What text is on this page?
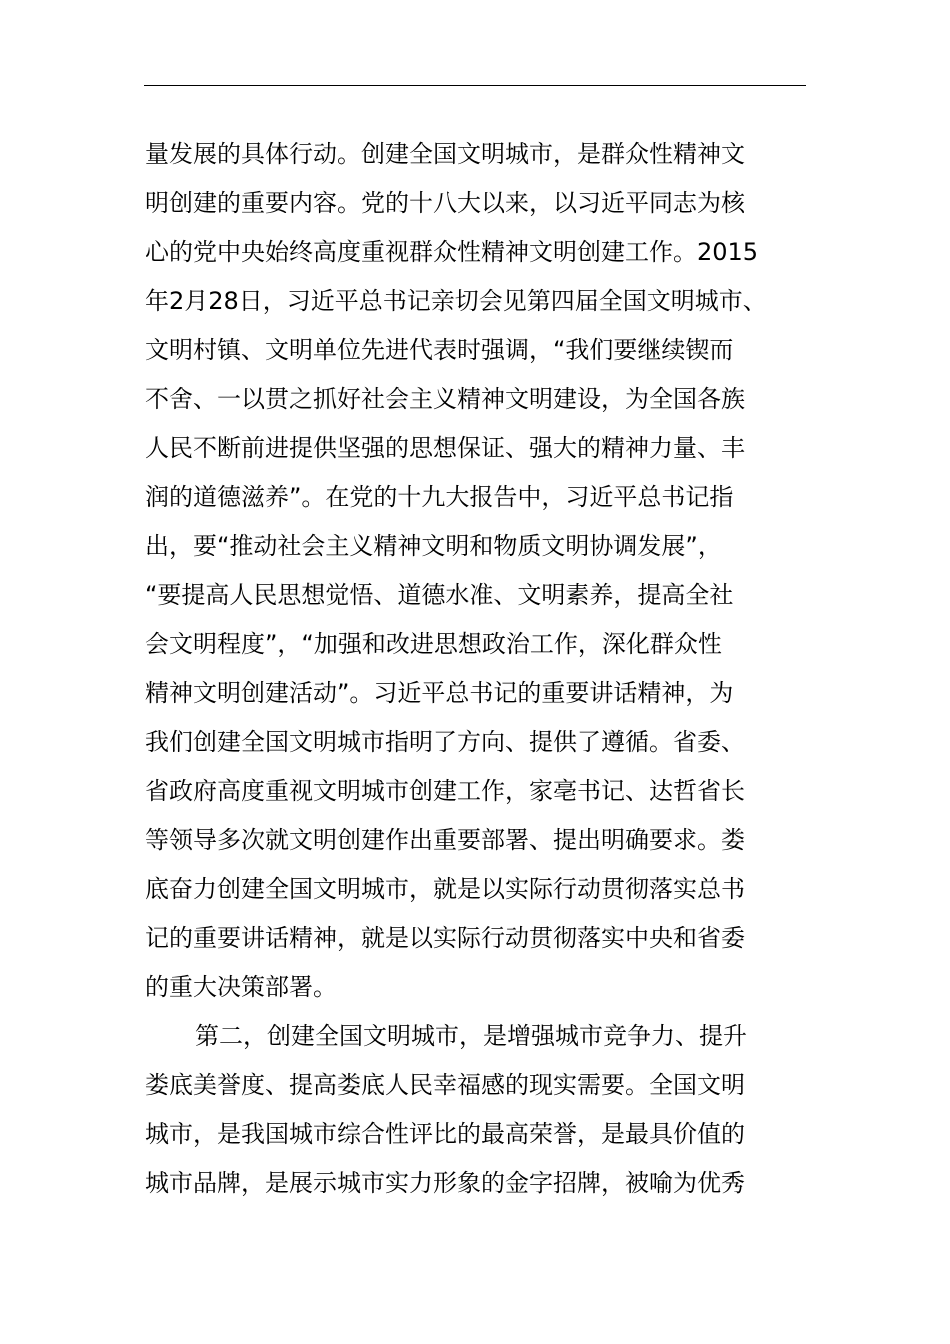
量发展的具体行动。创建全国文明城市，是群众性精神文
明创建的重要内容。党的十八大以来，以习近平同志为核
心的党中央始终高度重视群众性精神文明创建工作。2015
年2月28日，习近平总书记亲切会见第四届全国文明城市、
文明村镇、文明单位先进代表时强调，“我们要继续锲而
不舍、一以贯之抓好社会主义精神文明建设，为全国各族
人民不断前进提供坚强的思想保证、强大的精神力量、丰
润的道德滋养”。在党的十九大报告中，习近平总书记指
出，要“推动社会主义精神文明和物质文明协调发展”，
“要提高人民思想觉悟、道德水准、文明素养，提高全社
会文明程度”，“加强和改进思想政治工作，深化群众性
精神文明创建活动”。习近平总书记的重要讲话精神，为
我们创建全国文明城市指明了方向、提供了遵循。省委、
省政府高度重视文明城市创建工作，家亳书记、达哲省长
等领导多次就文明创建作出重要部署、提出明确要求。娄
底奋力创建全国文明城市，就是以实际行动贯彻落实总书
记的重要讲话精神，就是以实际行动贯彻落实中央和省委
的重大决策部署。
第二，创建全国文明城市，是增强城市竞争力、提升
娄底美誉度、提高娄底人民幸福感的现实需要。全国文明
城市，是我国城市综合性评比的最高荣誉，是最具价值的
城市品牌，是展示城市实力形象的金字招牌，被喻为优秀
